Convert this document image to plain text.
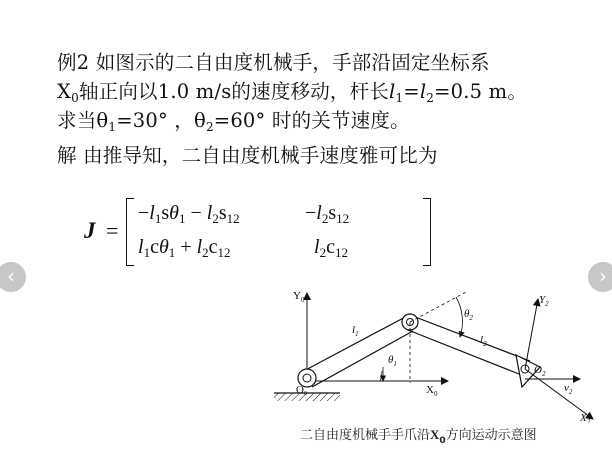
例2 如图示的二自由度机械手，手部沿固定坐标系
$X_0$轴正向以1.0 m/s的速度移动，杆长$l_1=l_2=0.5$ m。
求当$\theta_1=30^\circ$ ，$\theta_2=60^\circ$ 时的关节速度。
解 由推导知，二自由度机械手速度雅可比为
J =
$-l_1s\theta_1 - l_2s_{12}$	$-l_2s_{12}$
$l_1c\theta_1 + l_2c_{12}$	$l_2c_{12}$
‹	›
$Y_0$
$X_0$
O0
$l_1$	$l_2$
$\theta_1$
$\theta_2$
$O_2$
$Y_2$
$X_2$
$v_2$
二自由度机械手手爪沿$X_0$方向运动示意图
